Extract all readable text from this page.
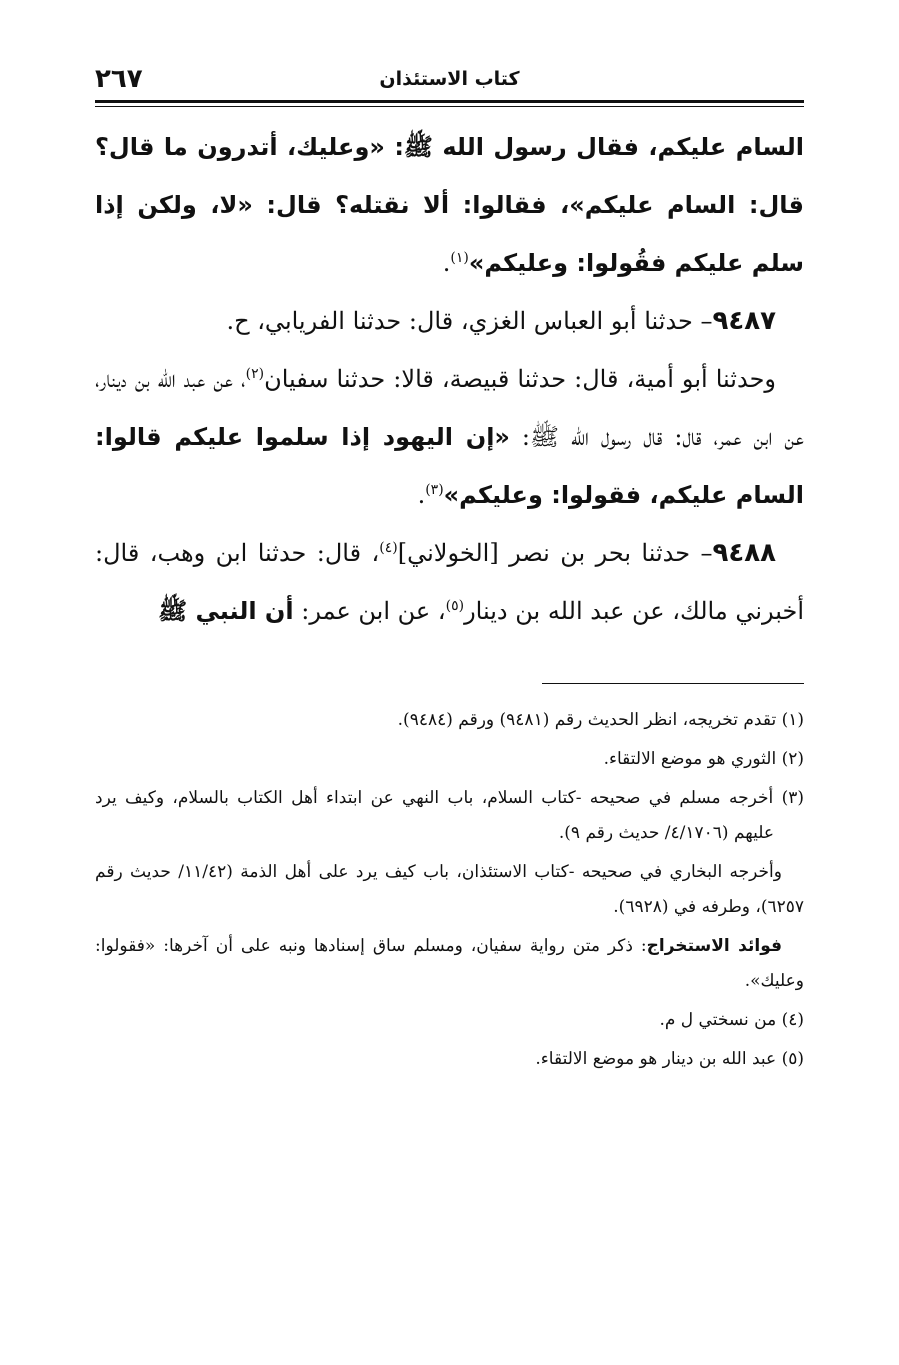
٢٦٧	كتاب الاستئذان

السام عليكم، فقال رسول الله ﷺ: «وعليك، أتدرون ما قال؟ قال: السام عليكم»، فقالوا: ألا نقتله؟ قال: «لا، ولكن إذا سلم عليكم فقُولوا: وعليكم»$^{(١)}$.

٩٤٨٧– حدثنا أبو العباس الغزي، قال: حدثنا الفريابي، ح.

وحدثنا أبو أمية، قال: حدثنا قبيصة، قالا: حدثنا سفيان$^{(٢)}$، عن عبد الله بن دينار، عن ابن عمر، قال: قال رسول الله ﷺ: «إن اليهود إذا سلموا عليكم قالوا: السام عليكم، فقولوا: وعليكم»$^{(٣)}$.

٩٤٨٨– حدثنا بحر بن نصر [الخولاني]$^{(٤)}$، قال: حدثنا ابن وهب، قال: أخبرني مالك، عن عبد الله بن دينار$^{(٥)}$، عن ابن عمر: أن النبي ﷺ

(١) تقدم تخريجه، انظر الحديث رقم (٩٤٨١) ورقم (٩٤٨٤).

(٢) الثوري هو موضع الالتقاء.

(٣) أخرجه مسلم في صحيحه -كتاب السلام، باب النهي عن ابتداء أهل الكتاب بالسلام، وكيف يرد عليهم (٤/١٧٠٦/ حديث رقم ٩).

وأخرجه البخاري في صحيحه -كتاب الاستئذان، باب كيف يرد على أهل الذمة (١١/٤٢/ حديث رقم ٦٢٥٧)، وطرفه في (٦٩٢٨).

فوائد الاستخراج: ذكر متن رواية سفيان، ومسلم ساق إسنادها ونبه على أن آخرها: «فقولوا: وعليك».

(٤) من نسختي ل م.

(٥) عبد الله بن دينار هو موضع الالتقاء.
